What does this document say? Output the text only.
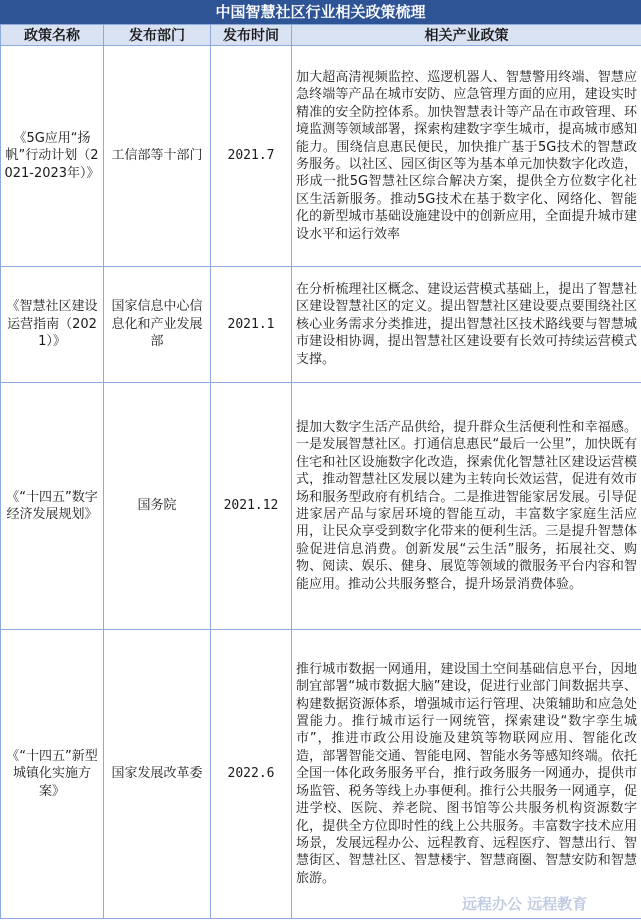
中国智慧社区行业相关政策梳理
政策名称	发布部门	发布时间	相关产业政策
《5G应用“扬帆”行动计划（2021-2023年）》	工信部等十部门	2021.7	加大超高清视频监控、巡逻机器人、智慧警用终端、智慧应急终端等产品在城市安防、应急管理方面的应用，建设实时精准的安全防控体系。加快智慧表计等产品在市政管理、环境监测等领域部署，探索构建数字孪生城市，提高城市感知能力。围绕信息惠民便民，加快推广基于5G技术的智慧政务服务。以社区、园区街区等为基本单元加快数字化改造，形成一批5G智慧社区综合解决方案，提供全方位数字化社区生活新服务。推动5G技术在基于数字化、网络化、智能化的新型城市基础设施建设中的创新应用，全面提升城市建设水平和运行效率
《智慧社区建设运营指南（2021）》	国家信息中心信息化和产业发展部	2021.1	在分析梳理社区概念、建设运营模式基础上，提出了智慧社区建设智慧社区的定义。提出智慧社区建设要点要围绕社区核心业务需求分类推进，提出智慧社区技术路线要与智慧城市建设相协调，提出智慧社区建设要有长效可持续运营模式支撑。
《“十四五”数字经济发展规划》	国务院	2021.12	提加大数字生活产品供给，提升群众生活便利性和幸福感。一是发展智慧社区。打通信息惠民“最后一公里”，加快既有住宅和社区设施数字化改造，探索优化智慧社区建设运营模式，推动智慧社区发展以建为主转向长效运营，促进有效市场和服务型政府有机结合。二是推进智能家居发展。引导促进家居产品与家居环境的智能互动，丰富数字家庭生活应用，让民众享受到数字化带来的便利生活。三是提升智慧体验促进信息消费。创新发展“云生活”服务，拓展社交、购物、阅读、娱乐、健身、展览等领域的微服务平台内容和智能应用。推动公共服务整合，提升场景消费体验。
《“十四五”新型城镇化实施方案》	国家发展改革委	2022.6	推行城市数据一网通用，建设国土空间基础信息平台，因地制宜部署“城市数据大脑”建设，促进行业部门间数据共享、构建数据资源体系，增强城市运行管理、决策辅助和应急处置能力。推行城市运行一网统管，探索建设“数字孪生城市”，推进市政公用设施及建筑等物联网应用、智能化改造，部署智能交通、智能电网、智能水务等感知终端。依托全国一体化政务服务平台，推行政务服务一网通办，提供市场监管、税务等线上办事便利。推行公共服务一网通享，促进学校、医院、养老院、图书馆等公共服务机构资源数字化，提供全方位即时性的线上公共服务。丰富数字技术应用场景，发展远程办公、远程教育、远程医疗、智慧出行、智慧街区、智慧社区、智慧楼宇、智慧商圈、智慧安防和智慧旅游。
远程办公 远程教育
